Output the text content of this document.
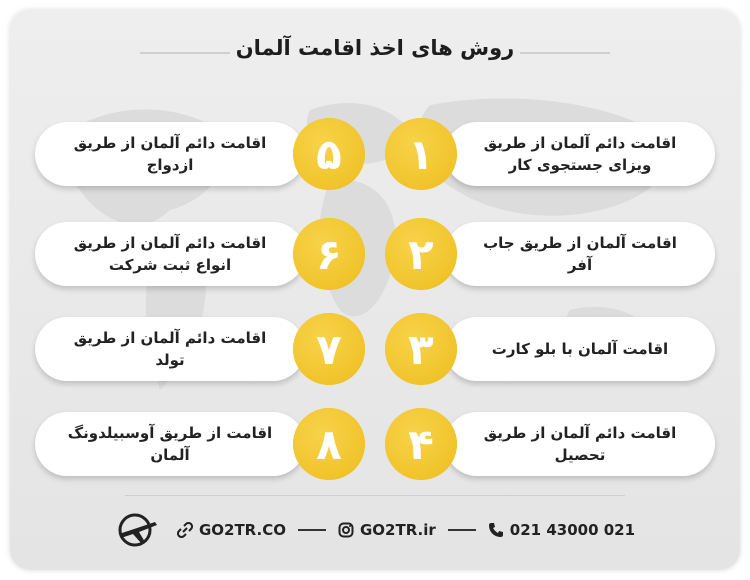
روش های اخذ اقامت آلمان
اقامت دائم آلمان از طریق ویزای جستجوی کار
۱
اقامت آلمان از طریق جاب آفر
۲
اقامت آلمان با بلو کارت
۳
اقامت دائم آلمان از طریق تحصیل
۴
اقامت دائم آلمان از طریق ازدواج	۵
اقامت دائم آلمان از طریق انواع ثبت شرکت	۶
اقامت دائم آلمان از طریق تولد	۷
اقامت از طریق آوسبیلدونگ آلمان	۸
GO2TR.CO	GO2TR.ir	021 43000 021
